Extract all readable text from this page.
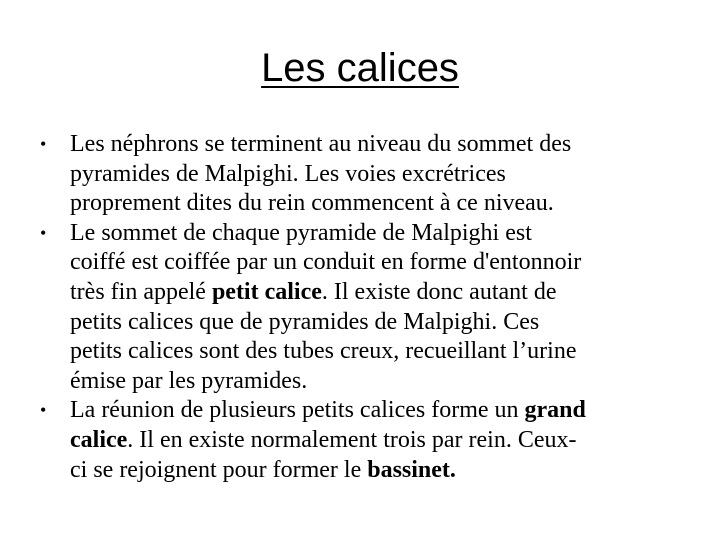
Les calices
• Les néphrons se terminent au niveau du sommet des
pyramides de Malpighi. Les voies excrétrices
proprement dites du rein commencent à ce niveau.
• Le sommet de chaque pyramide de Malpighi est
coiffé est coiffée par un conduit en forme d'entonnoir
très fin appelé petit calice. Il existe donc autant de
petits calices que de pyramides de Malpighi. Ces
petits calices sont des tubes creux, recueillant l’urine
émise par les pyramides.
• La réunion de plusieurs petits calices forme un grand
calice. Il en existe normalement trois par rein. Ceux-
ci se rejoignent pour former le bassinet.
